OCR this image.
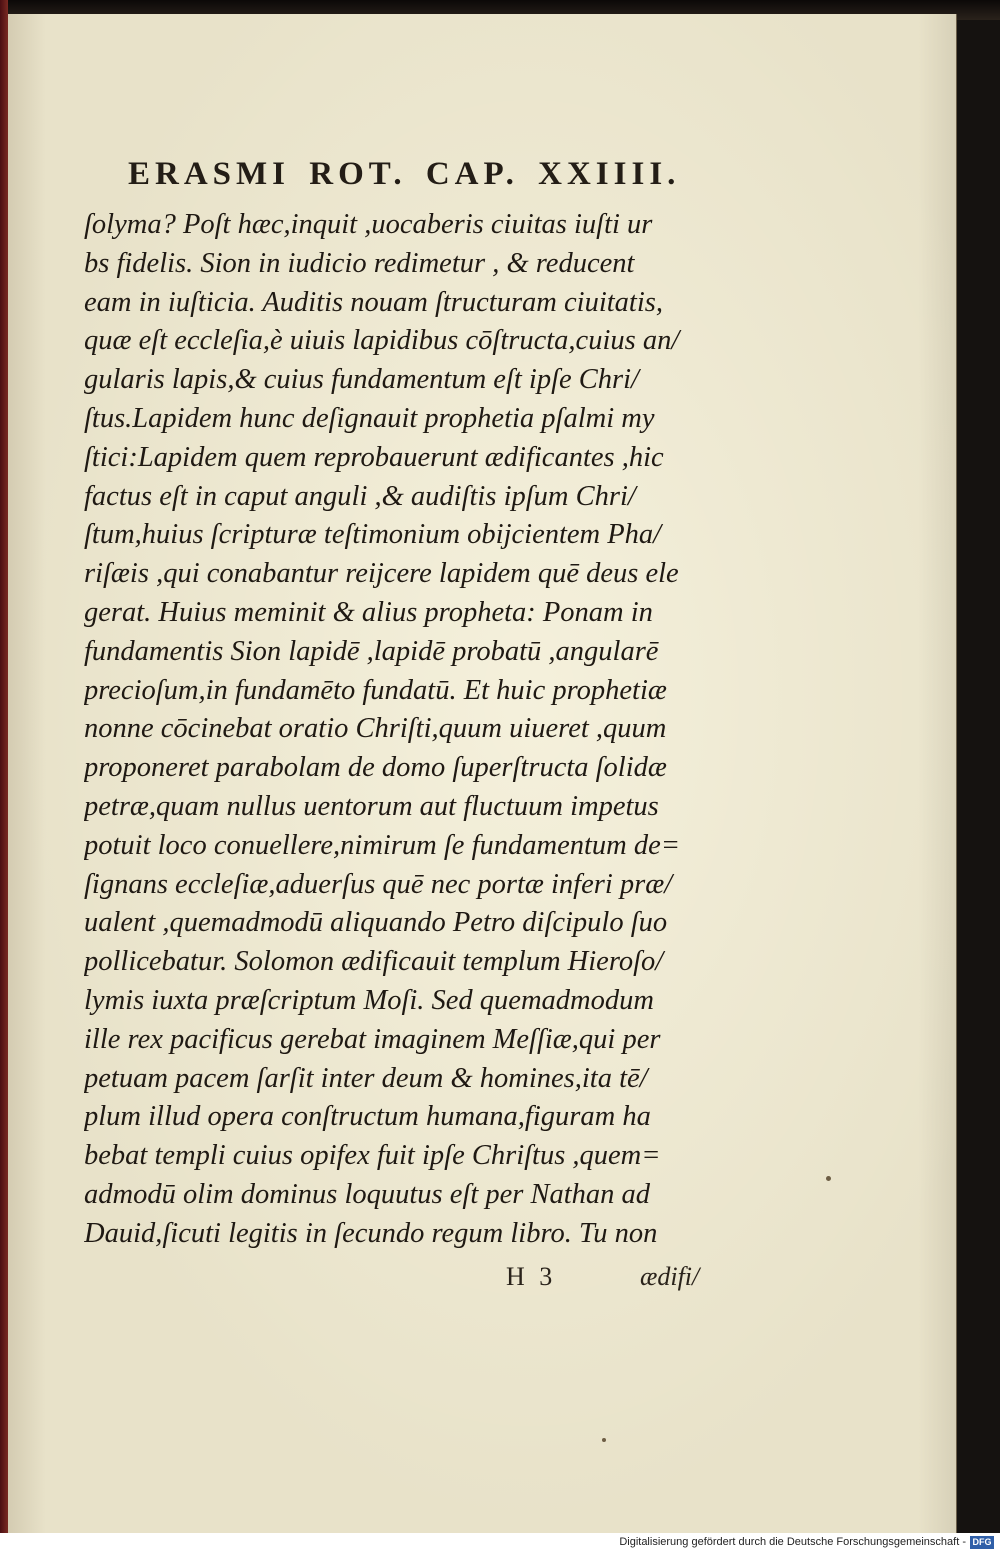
ERASMI ROT. CAP. XXIIII.
ſolyma? Poſt hæc,inquit ,uocaberis ciuitas iuſti ur
bs fidelis. Sion in iudicio redimetur , & reducent
eam in iuſticia. Auditis nouam ſtructuram ciuitatis,
quæ eſt eccleſia,è uiuis lapidibus cōſtructa,cuius an/
gularis lapis,& cuius fundamentum eſt ipſe Chri/
ſtus.Lapidem hunc deſignauit prophetia pſalmi my
ſtici:Lapidem quem reprobauerunt ædificantes ,hic
factus eſt in caput anguli ,& audiſtis ipſum Chri/
ſtum,huius ſcripturæ teſtimonium obijcientem Pha/
riſæis ,qui conabantur reijcere lapidem quē deus ele
gerat. Huius meminit & alius propheta: Ponam in
fundamentis Sion lapidē ,lapidē probatū ,angularē
precioſum,in fundamēto fundatū. Et huic prophetiæ
nonne cōcinebat oratio Chriſti,quum uiueret ,quum
proponeret parabolam de domo ſuperſtructa ſolidæ
petræ,quam nullus uentorum aut fluctuum impetus
potuit loco conuellere,nimirum ſe fundamentum de=
ſignans eccleſiæ,aduerſus quē nec portæ inferi præ/
ualent ,quemadmodū aliquando Petro diſcipulo ſuo
pollicebatur. Solomon ædificauit templum Hieroſo/
lymis iuxta præſcriptum Moſi. Sed quemadmodum
ille rex pacificus gerebat imaginem Meſſiæ,qui per
petuam pacem ſarſit inter deum & homines,ita tē/
plum illud opera conſtructum humana,figuram ha
bebat templi cuius opifex fuit ipſe Chriſtus ,quem=
admodū olim dominus loquutus eſt per Nathan ad
Dauid,ſicuti legitis in ſecundo regum libro. Tu non
H 3	ædifi/
Digitalisierung gefördert durch die Deutsche Forschungsgemeinschaft - DFG
